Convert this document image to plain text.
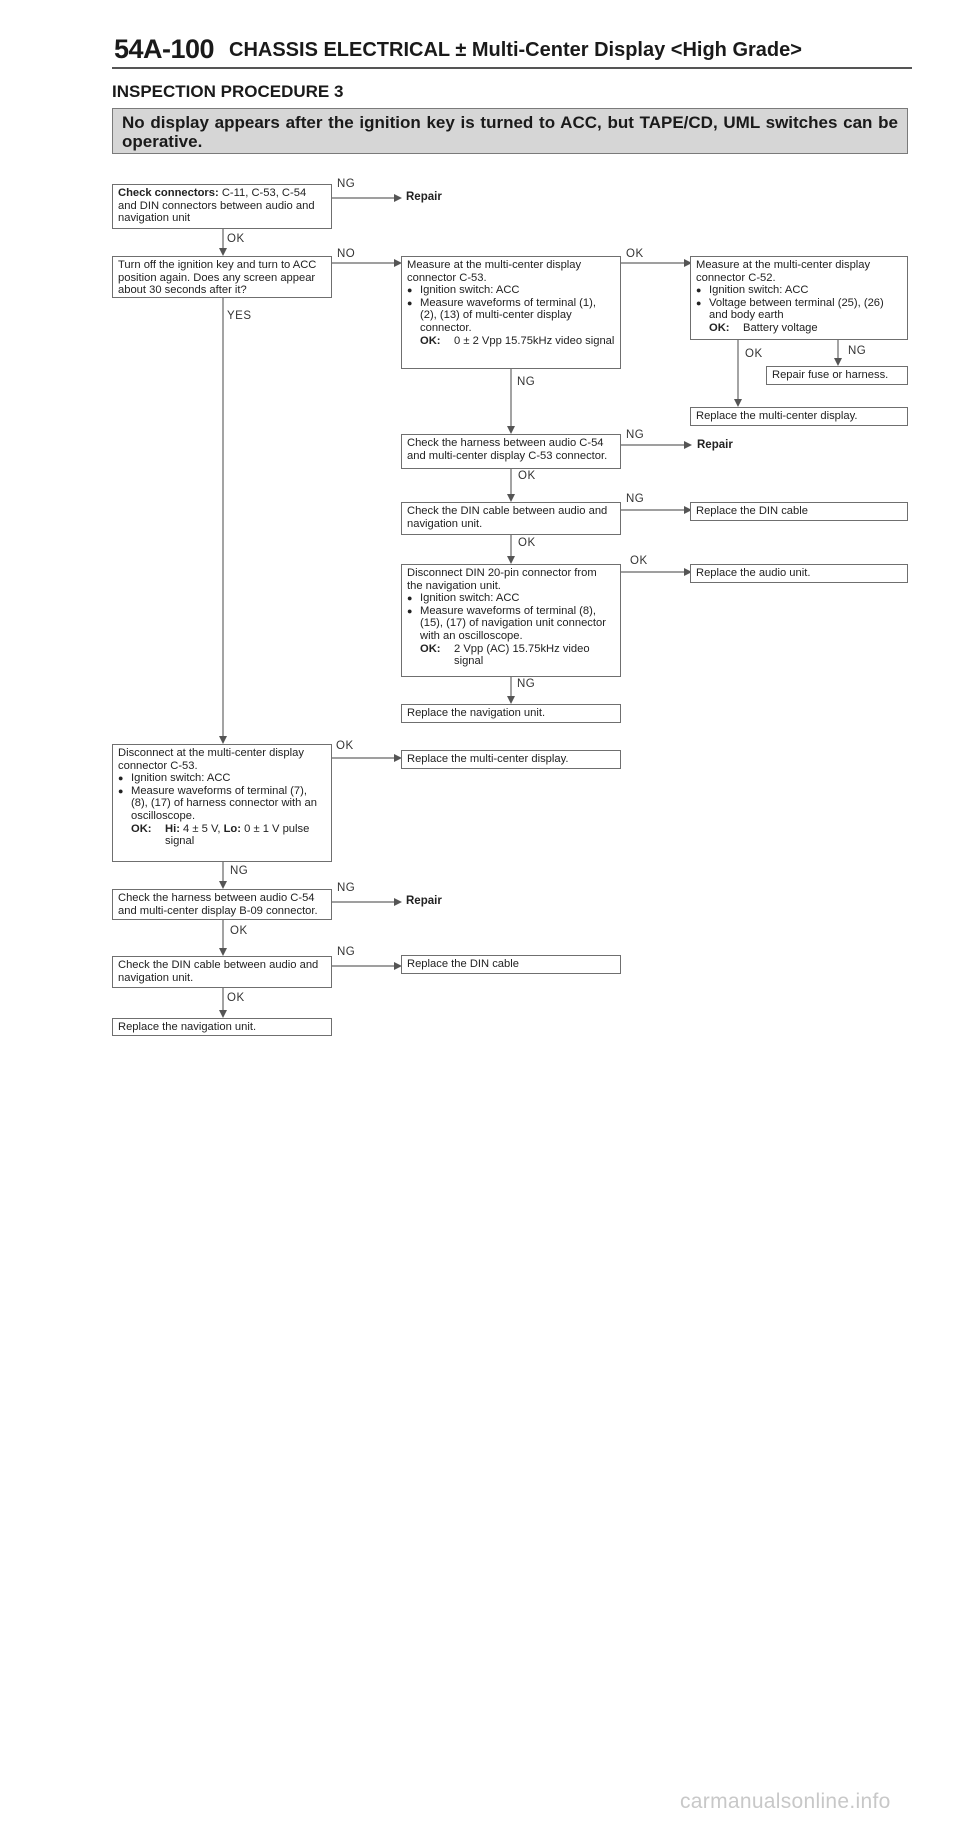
54A-100 CHASSIS ELECTRICAL ± Multi-Center Display <High Grade>
INSPECTION PROCEDURE 3
No display appears after the ignition key is turned to ACC, but TAPE/CD, UML switches can be operative.
Check connectors: C-11, C-53, C-54 and DIN connectors between audio and navigation unit
Turn off the ignition key and turn to ACC position again. Does any screen appear about 30 seconds after it?
Disconnect at the multi-center display connector C-53.
● Ignition switch: ACC
● Measure waveforms of terminal (7), (8), (17) of harness connector with an oscilloscope.
OK:	Hi: 4 ± 5 V, Lo: 0 ± 1 V pulse signal
Check the harness between audio C-54 and multi-center display B-09 connector.
Check the DIN cable between audio and navigation unit.
Replace the navigation unit.
Measure at the multi-center display connector C-53.
● Ignition switch: ACC
● Measure waveforms of terminal (1), (2), (13) of multi-center display connector.
OK:	0 ± 2 Vpp 15.75kHz video signal
Check the harness between audio C-54 and multi-center display C-53 connector.
Check the DIN cable between audio and navigation unit.
Disconnect DIN 20-pin connector from the navigation unit.
● Ignition switch: ACC
● Measure waveforms of terminal (8), (15), (17) of navigation unit connector with an oscilloscope.
OK:	2 Vpp (AC) 15.75kHz video signal
Replace the navigation unit.
Replace the multi-center display.
Replace the DIN cable
Measure at the multi-center display connector C-52.
● Ignition switch: ACC
● Voltage between terminal (25), (26) and body earth
OK:	Battery voltage
Repair fuse or harness.
Replace the multi-center display.
Replace the DIN cable
Replace the audio unit.
Repair
Repair
Repair
NG
OK
NO
YES
OK
OK	NG
NG
NG
OK
NG
OK
OK
NG
OK
NG
NG
OK
NG
OK
carmanualsonline.info
